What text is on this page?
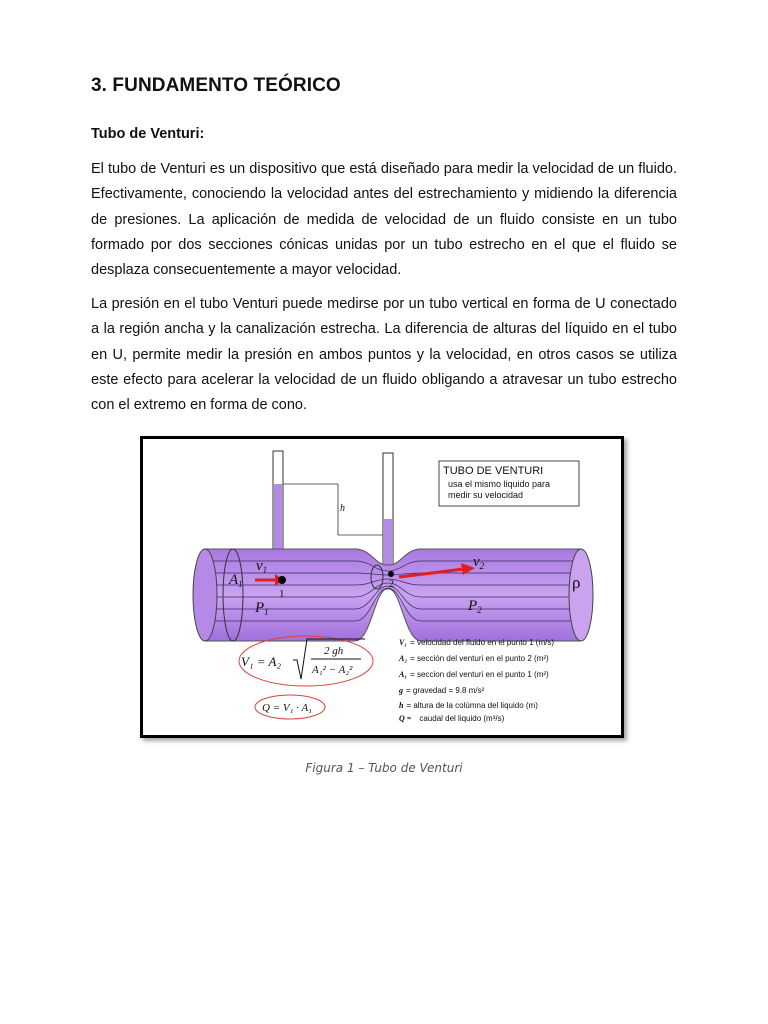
3. FUNDAMENTO TEÓRICO
Tubo de Venturi:

El tubo de Venturi es un dispositivo que está diseñado para medir la velocidad de un fluido. Efectivamente, conociendo la velocidad antes del estrechamiento y midiendo la diferencia de presiones. La aplicación de medida de velocidad de un fluido consiste en un tubo formado por dos secciones cónicas unidas por un tubo estrecho en el que el fluido se desplaza consecuentemente a mayor velocidad.

La presión en el tubo Venturi puede medirse por un tubo vertical en forma de U conectado a la región ancha y la canalización estrecha. La diferencia de alturas del líquido en el tubo en U, permite medir la presión en ambos puntos y la velocidad, en otros casos se utiliza este efecto para acelerar la velocidad de un fluido obligando a atravesar un tubo estrecho con el extremo en forma de cono.

h
$A_1$
$v_1$
1
$P_1$
2
$v_2$
$P_2$
ρ
TUBO DE VENTURI
usa el mismo liquido para
medir su velocidad
V₁ = A₂
2 gh
A₁² − A₂²
Q = V₁ · A₁
V₁ = velocidad del fluido en el punto 1 (m/s)
A₂ = sección del venturi en el punto 2 (m²)
A₁ = seccion del venturi en el punto 1 (m²)
g = gravedad = 9.8 m/s²
h = altura de la colúmna del liquido (m)
Q = caudal del liquido (m³/s)
Figura 1 – Tubo de Venturi
